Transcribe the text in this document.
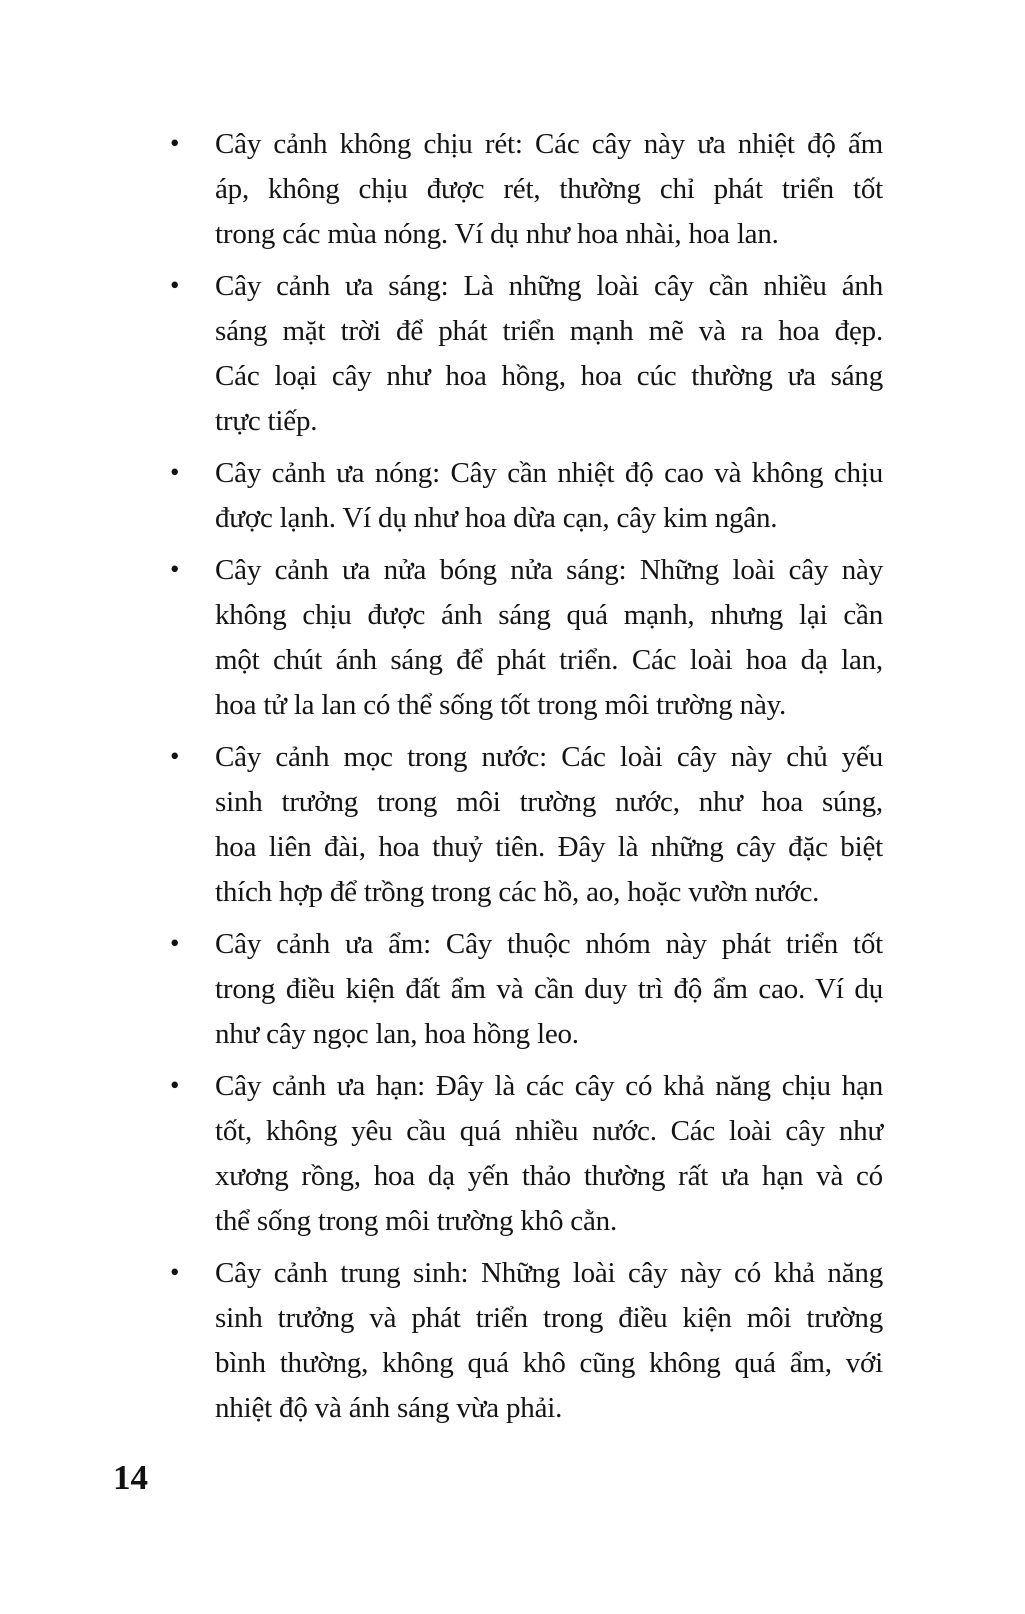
• Cây cảnh không chịu rét: Các cây này ưa nhiệt độ ấm
áp, không chịu được rét, thường chỉ phát triển tốt
trong các mùa nóng. Ví dụ như hoa nhài, hoa lan.
• Cây cảnh ưa sáng: Là những loài cây cần nhiều ánh
sáng mặt trời để phát triển mạnh mẽ và ra hoa đẹp.
Các loại cây như hoa hồng, hoa cúc thường ưa sáng
trực tiếp.
• Cây cảnh ưa nóng: Cây cần nhiệt độ cao và không chịu
được lạnh. Ví dụ như hoa dừa cạn, cây kim ngân.
• Cây cảnh ưa nửa bóng nửa sáng: Những loài cây này
không chịu được ánh sáng quá mạnh, nhưng lại cần
một chút ánh sáng để phát triển. Các loài hoa dạ lan,
hoa tử la lan có thể sống tốt trong môi trường này.
• Cây cảnh mọc trong nước: Các loài cây này chủ yếu
sinh trưởng trong môi trường nước, như hoa súng,
hoa liên đài, hoa thuỷ tiên. Đây là những cây đặc biệt
thích hợp để trồng trong các hồ, ao, hoặc vườn nước.
• Cây cảnh ưa ẩm: Cây thuộc nhóm này phát triển tốt
trong điều kiện đất ẩm và cần duy trì độ ẩm cao. Ví dụ
như cây ngọc lan, hoa hồng leo.
• Cây cảnh ưa hạn: Đây là các cây có khả năng chịu hạn
tốt, không yêu cầu quá nhiều nước. Các loài cây như
xương rồng, hoa dạ yến thảo thường rất ưa hạn và có
thể sống trong môi trường khô cằn.
• Cây cảnh trung sinh: Những loài cây này có khả năng
sinh trưởng và phát triển trong điều kiện môi trường
bình thường, không quá khô cũng không quá ẩm, với
nhiệt độ và ánh sáng vừa phải.
14
